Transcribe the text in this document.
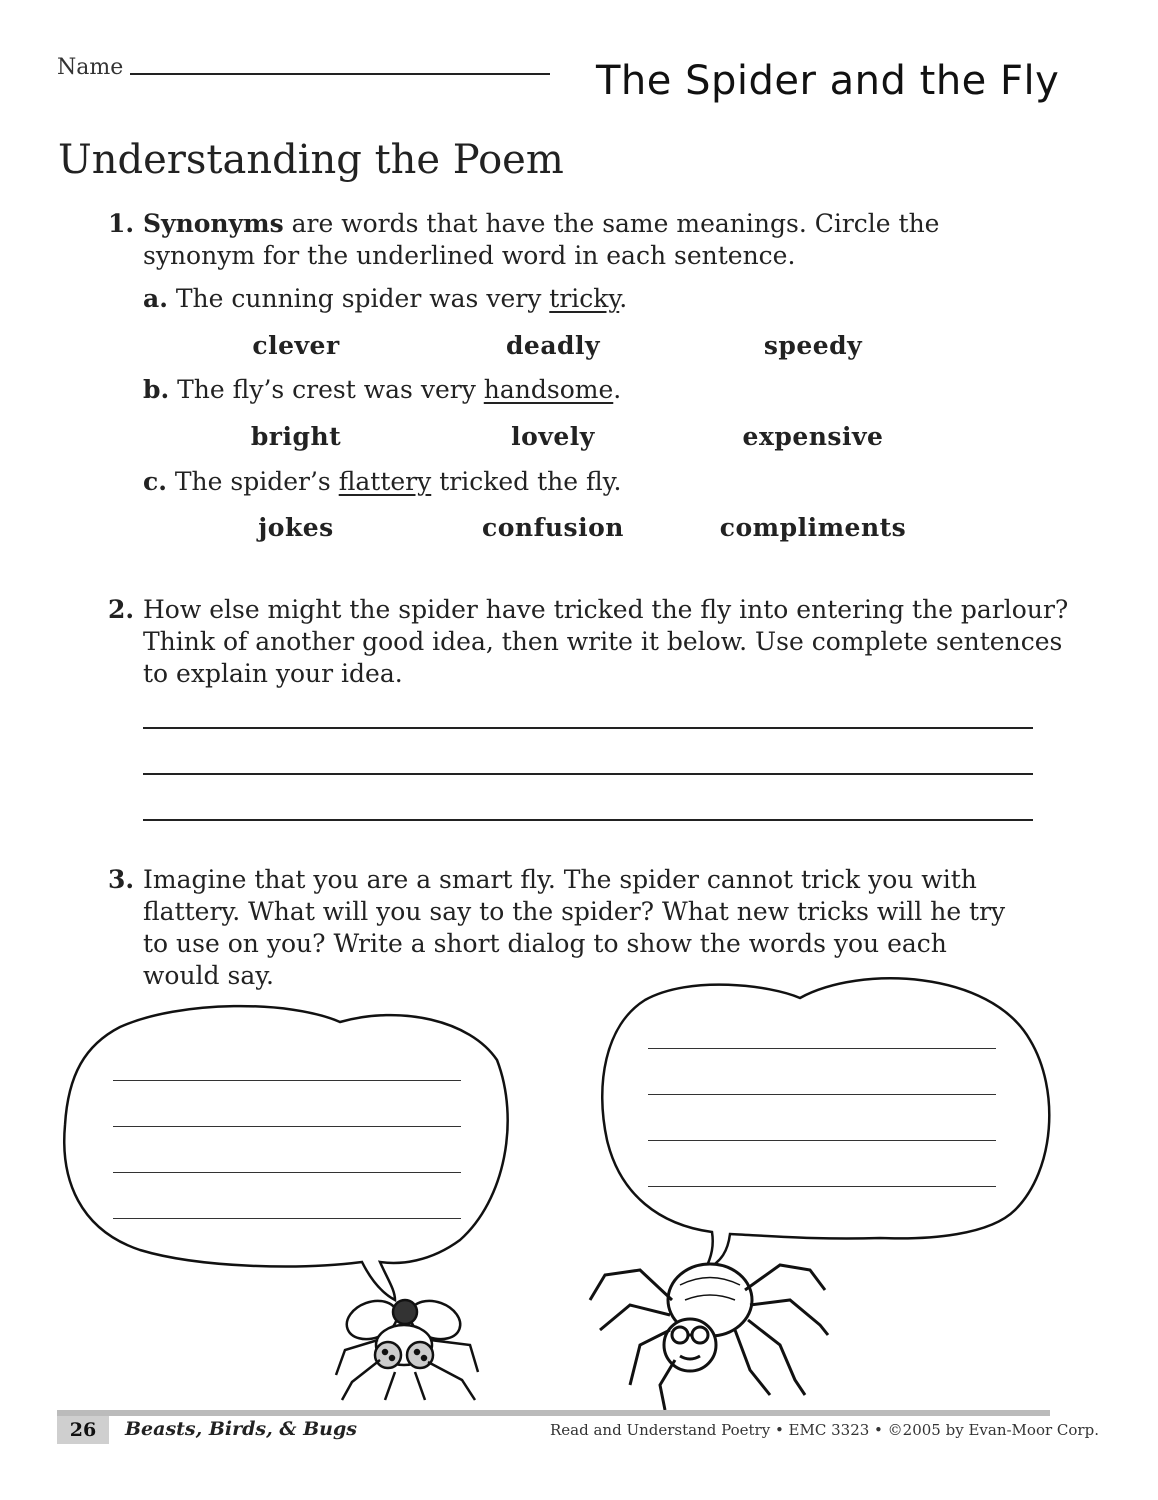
Name	The Spider and the Fly
Understanding the Poem
1. Synonyms are words that have the same meanings. Circle the
synonym for the underlined word in each sentence.
a. The cunning spider was very tricky.
clever	deadly	speedy
b. The fly’s crest was very handsome.
bright	lovely	expensive
c. The spider’s flattery tricked the fly.
jokes	confusion	compliments
2. How else might the spider have tricked the fly into entering the parlour?
Think of another good idea, then write it below. Use complete sentences
to explain your idea.
3. Imagine that you are a smart fly. The spider cannot trick you with
flattery. What will you say to the spider? What new tricks will he try
to use on you? Write a short dialog to show the words you each
would say.
26	Beasts, Birds, & Bugs	Read and Understand Poetry • EMC 3323 • ©2005 by Evan-Moor Corp.
